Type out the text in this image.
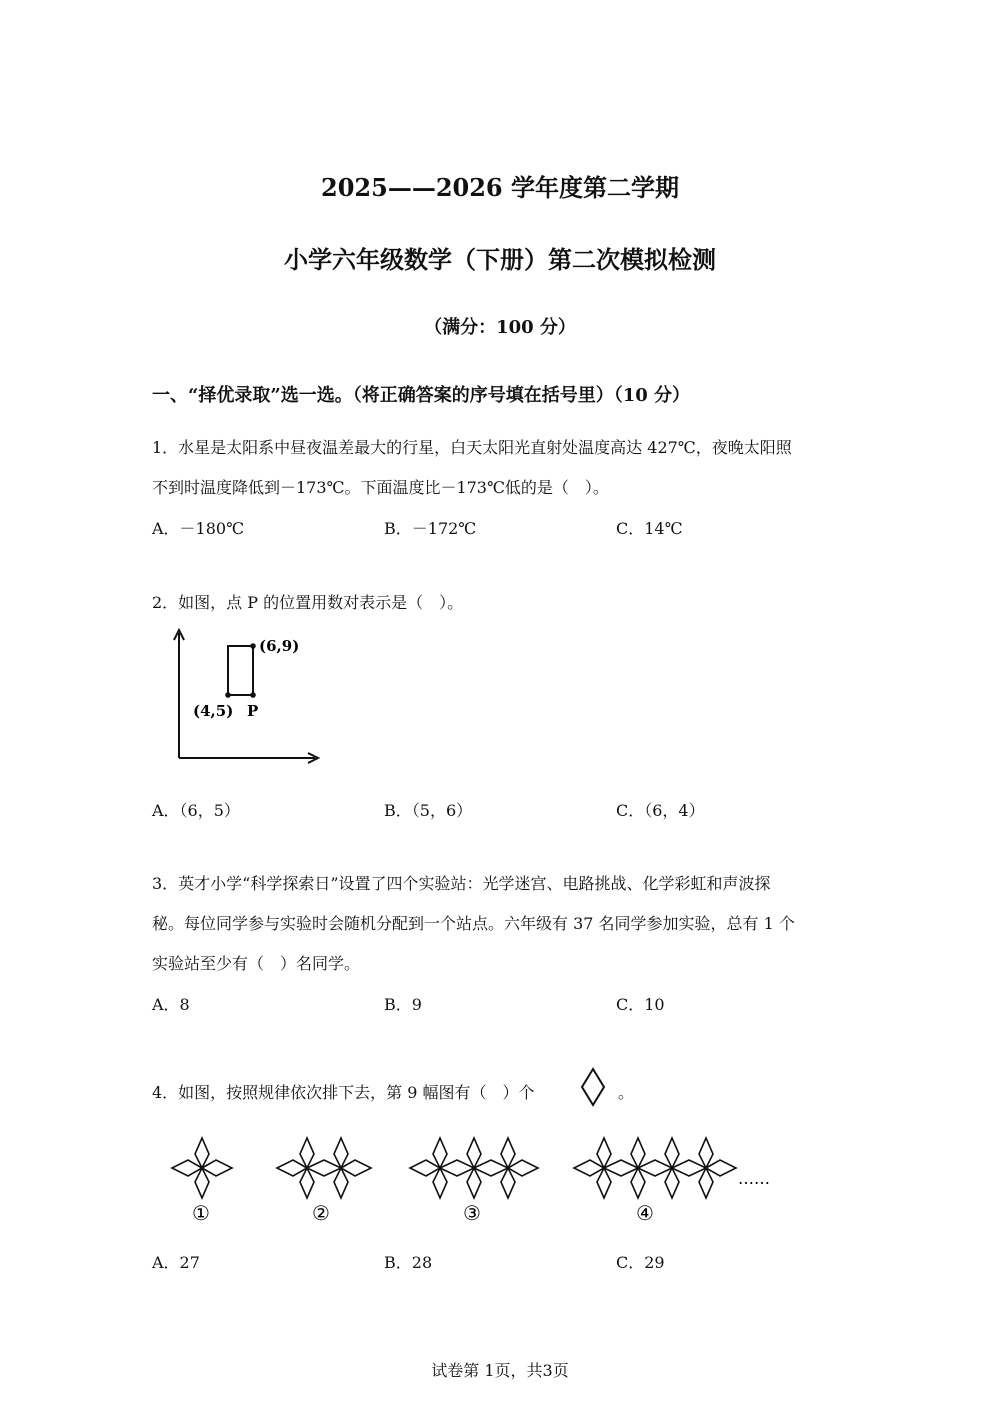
2025——2026 学年度第二学期
小学六年级数学（下册）第二次模拟检测
（满分：100 分）
一、“择优录取”选一选。（将正确答案的序号填在括号里）（10 分）
1．水星是太阳系中昼夜温差最大的行星，白天太阳光直射处温度高达 427℃，夜晚太阳照
不到时温度降低到－173℃。下面温度比－173℃低的是（　）。
A．－180℃	B．－172℃	C．14℃
2．如图，点 P 的位置用数对表示是（　）。
(6,9)
(4,5) P
A．（6，5）	B．（5，6）	C．（6，4）
3．英才小学“科学探索日”设置了四个实验站：光学迷宫、电路挑战、化学彩虹和声波探
秘。每位同学参与实验时会随机分配到一个站点。六年级有 37 名同学参加实验，总有 1 个
实验站至少有（　）名同学。
A．8	B．9	C．10
4．如图，按照规律依次排下去，第 9 幅图有（　）个	。
①	②	③	④
……
A．27	B．28	C．29
试卷第 1页，共3页
